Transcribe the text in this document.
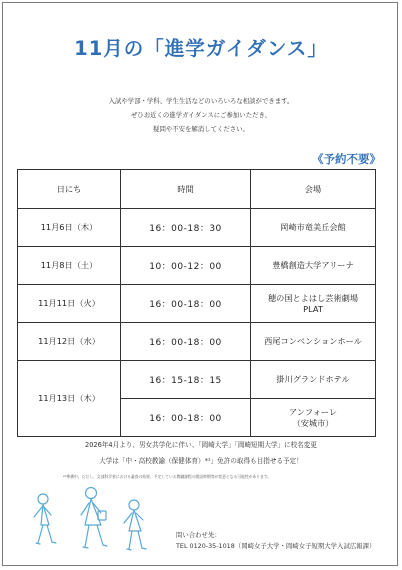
11月の「進学ガイダンス」
入試や学部・学科、学生生活などのいろいろな相談ができます。
ぜひお近くの進学ガイダンスにご参加いただき、
疑問や不安を解消してください。
《予約不要》
日にち	時間	会場
11月6日（木）	16：00-18：30	岡崎市竜美丘会館
11月8日（土）	10：00-12：00	豊橋創造大学アリーナ
11月11日（火）	16：00-18：00	穂の国とよはし芸術劇場
PLAT

11月12日（水）	16：00-18：00	西尾コンベンションホール
11月13日（木）	16：15-18：15	掛川グランドホテル
	16：00-18：00	アンフォーレ
（安城市）
2026年4月より、男女共学化に伴い、「岡崎大学」「岡崎短期大学」に校名変更
大学は「中・高校教諭（保健体育）*¹」免許の取得も目指せる予定！
*¹準備中。ただし、文部科学省における審査の結果、予定している教職課程の開設時期等が変更となる可能性があります。
問い合わせ先：
TEL 0120-35-1018（岡崎女子大学・岡崎女子短期大学入試広報課）
